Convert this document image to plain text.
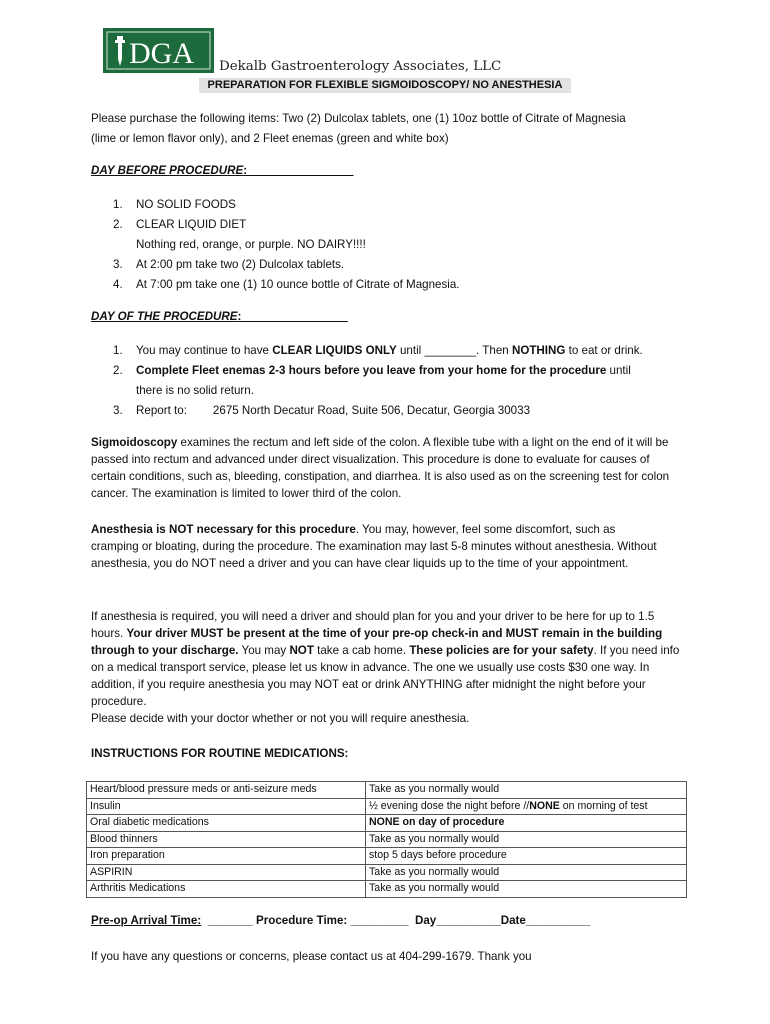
DGA Dekalb Gastroenterology Associates, LLC
PREPARATION FOR FLEXIBLE SIGMOIDOSCOPY/ NO ANESTHESIA
Please purchase the following items: Two (2) Dulcolax tablets, one (1) 10oz bottle of Citrate of Magnesia
(lime or lemon flavor only), and 2 Fleet enemas (green and white box)
DAY BEFORE PROCEDURE: ________________
1.	NO SOLID FOODS
2.	CLEAR LIQUID DIET
Nothing red, orange, or purple. NO DAIRY!!!!
3.	At 2:00 pm take two (2) Dulcolax tablets.
4.	At 7:00 pm take one (1) 10 ounce bottle of Citrate of Magnesia.
DAY OF THE PROCEDURE: ________________
1.	You may continue to have CLEAR LIQUIDS ONLY until ________. Then NOTHING to eat or drink.
2.	Complete Fleet enemas 2-3 hours before you leave from your home for the procedure until
there is no solid return.
3.	Report to: 2675 North Decatur Road, Suite 506, Decatur, Georgia 30033
Sigmoidoscopy examines the rectum and left side of the colon. A flexible tube with a light on the end of it will be passed into rectum and advanced under direct visualization. This procedure is done to evaluate for causes of certain conditions, such as, bleeding, constipation, and diarrhea. It is also used as on the screening test for colon cancer. The examination is limited to lower third of the colon.
Anesthesia is NOT necessary for this procedure. You may, however, feel some discomfort, such as cramping or bloating, during the procedure. The examination may last 5-8 minutes without anesthesia. Without anesthesia, you do NOT need a driver and you can have clear liquids up to the time of your appointment.
If anesthesia is required, you will need a driver and should plan for you and your driver to be here for up to 1.5 hours. Your driver MUST be present at the time of your pre-op check-in and MUST remain in the building through to your discharge. You may NOT take a cab home. These policies are for your safety. If you need info on a medical transport service, please let us know in advance. The one we usually use costs $30 one way. In addition, if you require anesthesia you may NOT eat or drink ANYTHING after midnight the night before your procedure.
Please decide with your doctor whether or not you will require anesthesia.
INSTRUCTIONS FOR ROUTINE MEDICATIONS:
Heart/blood pressure meds or anti-seizure meds	Take as you normally would
Insulin	½ evening dose the night before //NONE on morning of test
Oral diabetic medications	NONE on day of procedure
Blood thinners	Take as you normally would
Iron preparation	stop 5 days before procedure
ASPIRIN	Take as you normally would
Arthritis Medications	Take as you normally would
Pre-op Arrival Time:  _______ Procedure Time: _________  Day__________Date__________
If you have any questions or concerns, please contact us at 404-299-1679. Thank you
